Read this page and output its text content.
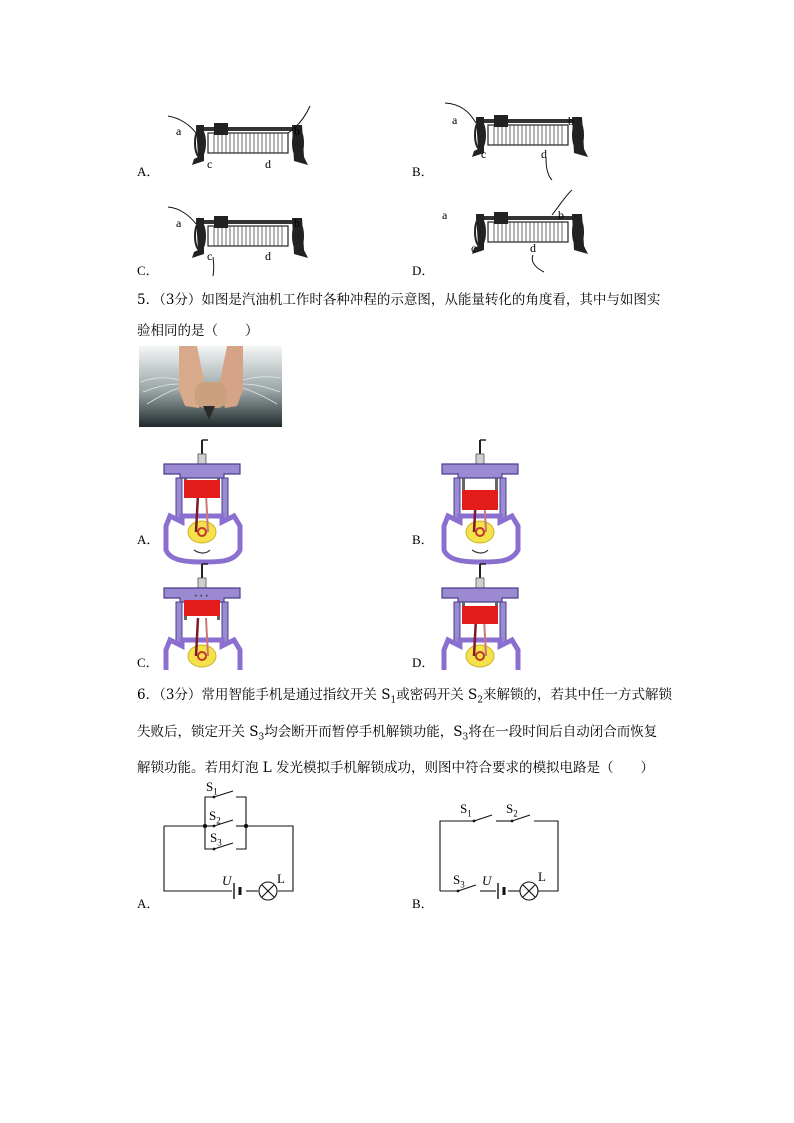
a	b
c	d
a	b
c	d
a	b
c	d
a	b
c	d
A．	B．
C．	D．

5．（3分）如图是汽油机工作时各种冲程的示意图，从能量转化的角度看，其中与如图实

验相同的是（　　）

• • •
A．	B．
C．	D．

6．（3分）常用智能手机是通过指纹开关 $S_1$或密码开关 $S_2$来解锁的，若其中任一方式解锁

失败后，锁定开关 $S_3$均会断开而暂停手机解锁功能，$S_3$将在一段时间后自动闭合而恢复

解锁功能。若用灯泡 L 发光模拟手机解锁成功，则图中符合要求的模拟电路是（　　）

$S_1$
$S_2$
$S_3$
U	L
$S_1$	$S_2$
$S_3$ U	L
A．	B．
